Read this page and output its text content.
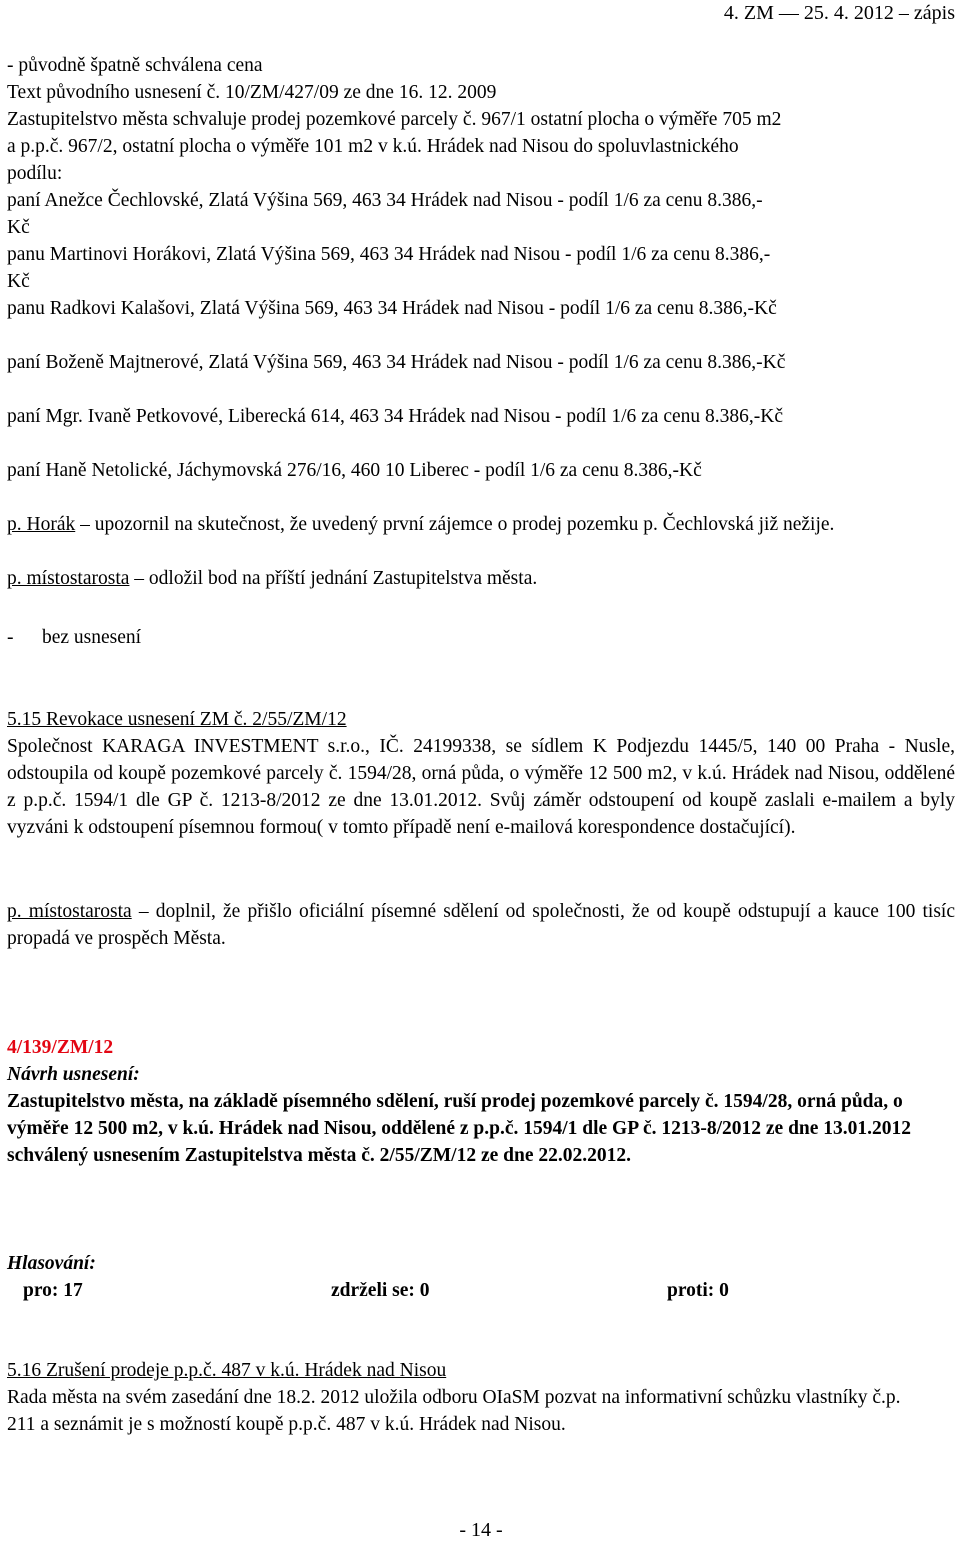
4. ZM — 25. 4. 2012 – zápis

- původně špatně schválena cena

Text původního usnesení č. 10/ZM/427/09 ze dne 16. 12. 2009

Zastupitelstvo města schvaluje prodej pozemkové parcely č. 967/1 ostatní plocha o výměře 705 m2

a p.p.č. 967/2, ostatní plocha o výměře 101 m2 v k.ú. Hrádek nad Nisou do spoluvlastnického

podílu:

paní Anežce Čechlovské, Zlatá Výšina 569, 463 34 Hrádek nad Nisou - podíl 1/6 za cenu 8.386,-

Kč

panu Martinovi Horákovi, Zlatá Výšina 569, 463 34 Hrádek nad Nisou - podíl 1/6 za cenu 8.386,-

Kč

panu Radkovi Kalašovi, Zlatá Výšina 569, 463 34 Hrádek nad Nisou - podíl 1/6 za cenu 8.386,-Kč

paní Boženě Majtnerové, Zlatá Výšina 569, 463 34 Hrádek nad Nisou - podíl 1/6 za cenu 8.386,-Kč

paní Mgr. Ivaně Petkovové, Liberecká 614, 463 34 Hrádek nad Nisou - podíl 1/6 za cenu 8.386,-Kč

paní Haně Netolické, Jáchymovská 276/16, 460 10 Liberec - podíl 1/6 za cenu 8.386,-Kč

p. Horák – upozornil na skutečnost, že uvedený první zájemce o prodej pozemku p. Čechlovská již nežije.

p. místostarosta – odložil bod na příští jednání Zastupitelstva města.

- bez usnesení

5.15 Revokace usnesení ZM č. 2/55/ZM/12

Společnost KARAGA INVESTMENT s.r.o., IČ. 24199338, se sídlem K Podjezdu 1445/5, 140 00 Praha - Nusle, odstoupila od koupě pozemkové parcely č. 1594/28, orná půda, o výměře 12 500 m2, v k.ú. Hrádek nad Nisou, oddělené z p.p.č. 1594/1 dle GP č. 1213-8/2012 ze dne 13.01.2012. Svůj záměr odstoupení od koupě zaslali e-mailem a byly vyzváni k odstoupení písemnou formou( v tomto případě není e-mailová korespondence dostačující).

p. místostarosta – doplnil, že přišlo oficiální písemné sdělení od společnosti, že od koupě odstupují a kauce 100 tisíc propadá ve prospěch Města.

4/139/ZM/12

Návrh usnesení:

Zastupitelstvo města, na základě písemného sdělení, ruší prodej pozemkové parcely č. 1594/28, orná půda, o výměře 12 500 m2, v k.ú. Hrádek nad Nisou, oddělené z p.p.č. 1594/1 dle GP č. 1213-8/2012 ze dne 13.01.2012 schválený usnesením Zastupitelstva města č. 2/55/ZM/12 ze dne 22.02.2012.

Hlasování:

pro: 17	zdrželi se: 0	proti: 0

5.16 Zrušení prodeje p.p.č. 487 v k.ú. Hrádek nad Nisou

Rada města na svém zasedání dne 18.2. 2012 uložila odboru OIaSM pozvat na informativní schůzku vlastníky č.p. 211 a seznámit je s možností koupě p.p.č. 487 v k.ú. Hrádek nad Nisou.

- 14 -
